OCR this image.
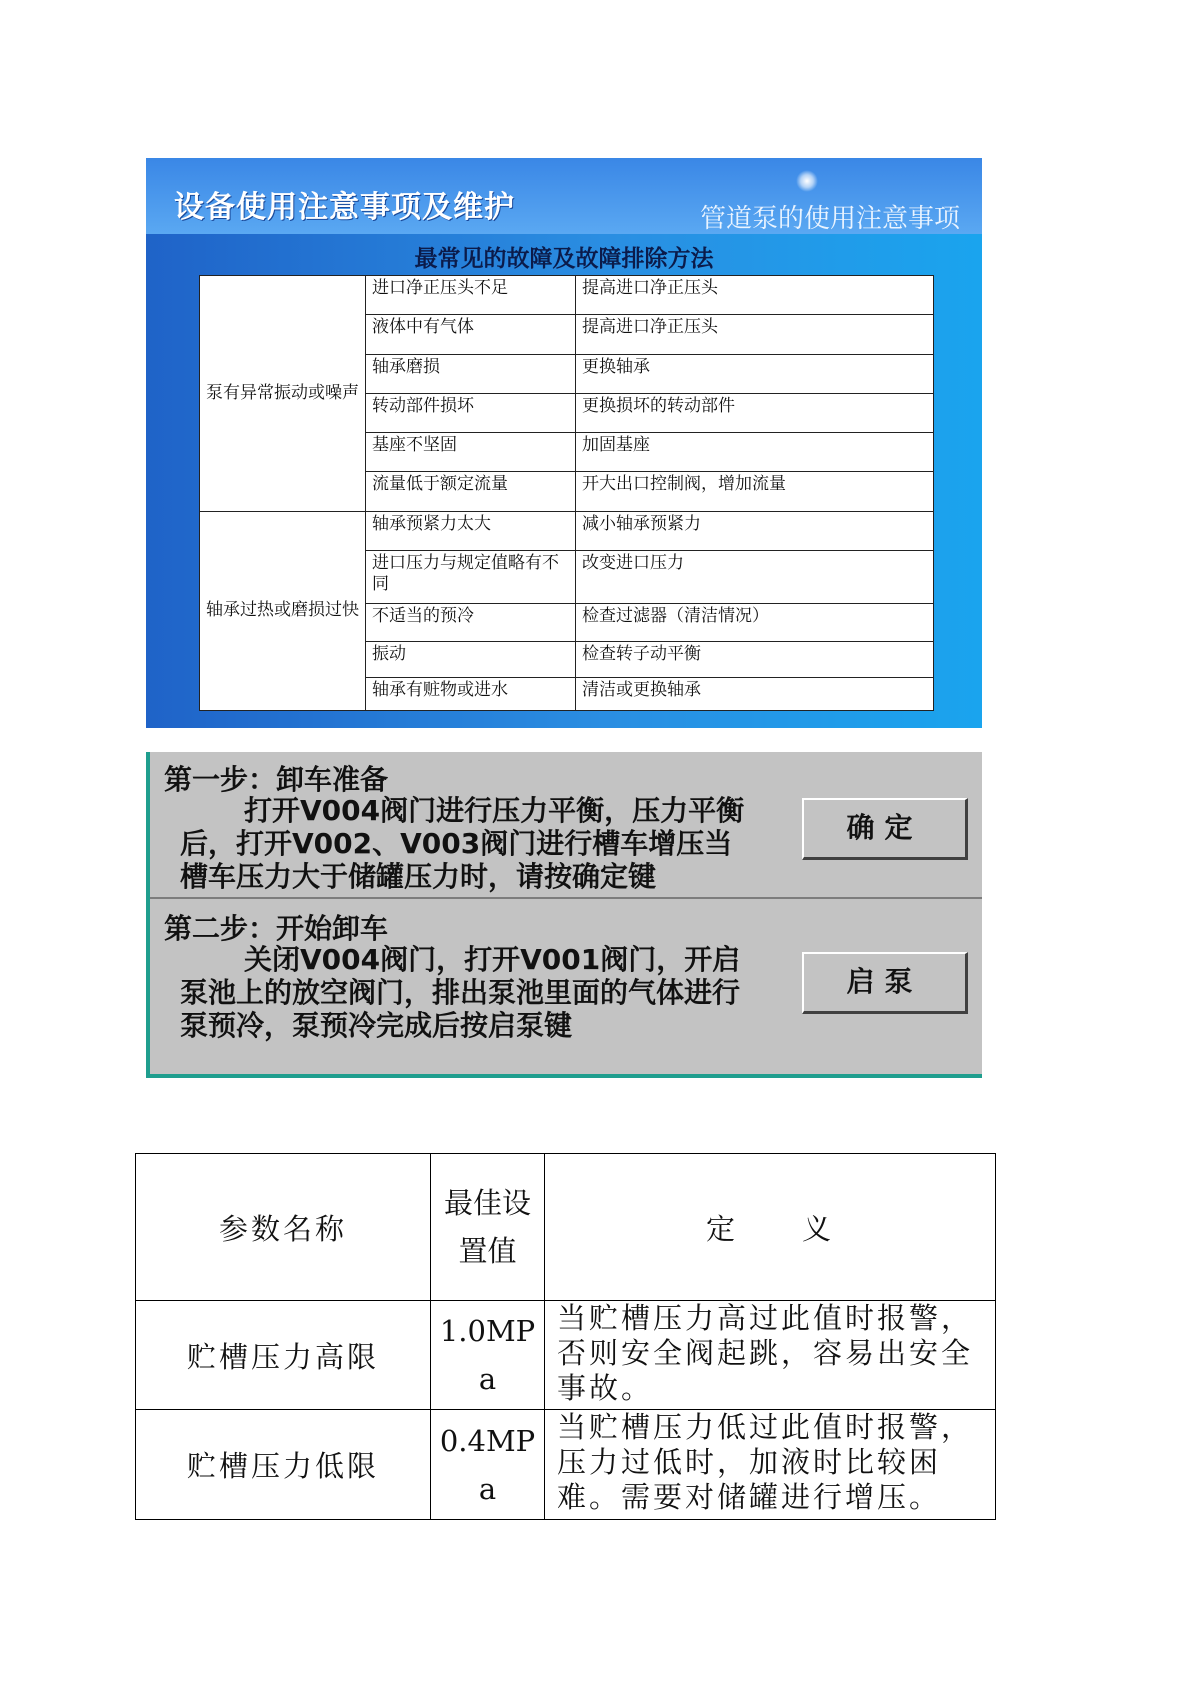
设备使用注意事项及维护	管道泵的使用注意事项
最常见的故障及故障排除方法
泵有异常振动或噪声	进口净正压头不足	提高进口净正压头
	液体中有气体	提高进口净正压头
	轴承磨损	更换轴承
	转动部件损坏	更换损坏的转动部件
	基座不坚固	加固基座
	流量低于额定流量	开大出口控制阀，增加流量
轴承过热或磨损过快	轴承预紧力太大	减小轴承预紧力
	进口压力与规定值略有不同	改变进口压力
	不适当的预冷	检查过滤器（清洁情况）
	振动	检查转子动平衡
	轴承有赃物或进水	清洁或更换轴承
第一步：卸车准备
打开V004阀门进行压力平衡，压力平衡后，打开V002、V003阀门进行槽车增压当槽车压力大于储罐压力时，请按确定键
确定
第二步：开始卸车
关闭V004阀门，打开V001阀门，开启泵池上的放空阀门，排出泵池里面的气体进行泵预冷，泵预冷完成后按启泵键
启泵
参数名称	最佳设置值	定　　义
贮槽压力高限	1.0MPa	当贮槽压力高过此值时报警，否则安全阀起跳，容易出安全事故。
贮槽压力低限	0.4MPa	当贮槽压力低过此值时报警，压力过低时，加液时比较困难。需要对储罐进行增压。
